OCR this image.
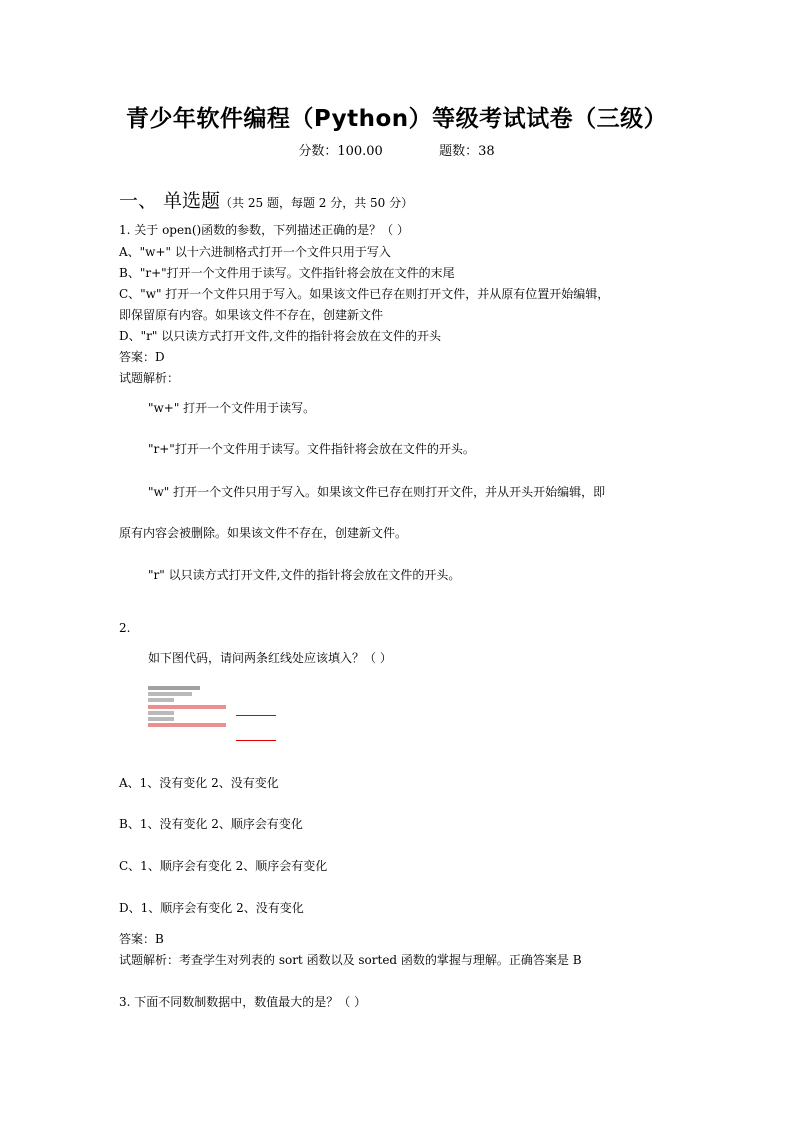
青少年软件编程（Python）等级考试试卷（三级）
分数：100.00	题数：38
一、 单选题（共 25 题，每题 2 分，共 50 分）
1. 关于 open()函数的参数，下列描述正确的是？（ ）
A、"w+" 以十六进制格式打开一个文件只用于写入
B、"r+"打开一个文件用于读写。文件指针将会放在文件的末尾
C、"w" 打开一个文件只用于写入。如果该文件已存在则打开文件，并从原有位置开始编辑，
即保留原有内容。如果该文件不存在，创建新文件
D、"r" 以只读方式打开文件,文件的指针将会放在文件的开头
答案：D
试题解析：
"w+" 打开一个文件用于读写。
"r+"打开一个文件用于读写。文件指针将会放在文件的开头。
"w" 打开一个文件只用于写入。如果该文件已存在则打开文件，并从开头开始编辑，即
原有内容会被删除。如果该文件不存在，创建新文件。
"r" 以只读方式打开文件,文件的指针将会放在文件的开头。
2.
如下图代码，请问两条红线处应该填入？（ ）
A、1、没有变化 2、没有变化
B、1、没有变化 2、顺序会有变化
C、1、顺序会有变化 2、顺序会有变化
D、1、顺序会有变化 2、没有变化
答案：B
试题解析：考查学生对列表的 sort 函数以及 sorted 函数的掌握与理解。正确答案是 B
3. 下面不同数制数据中，数值最大的是？（ ）
